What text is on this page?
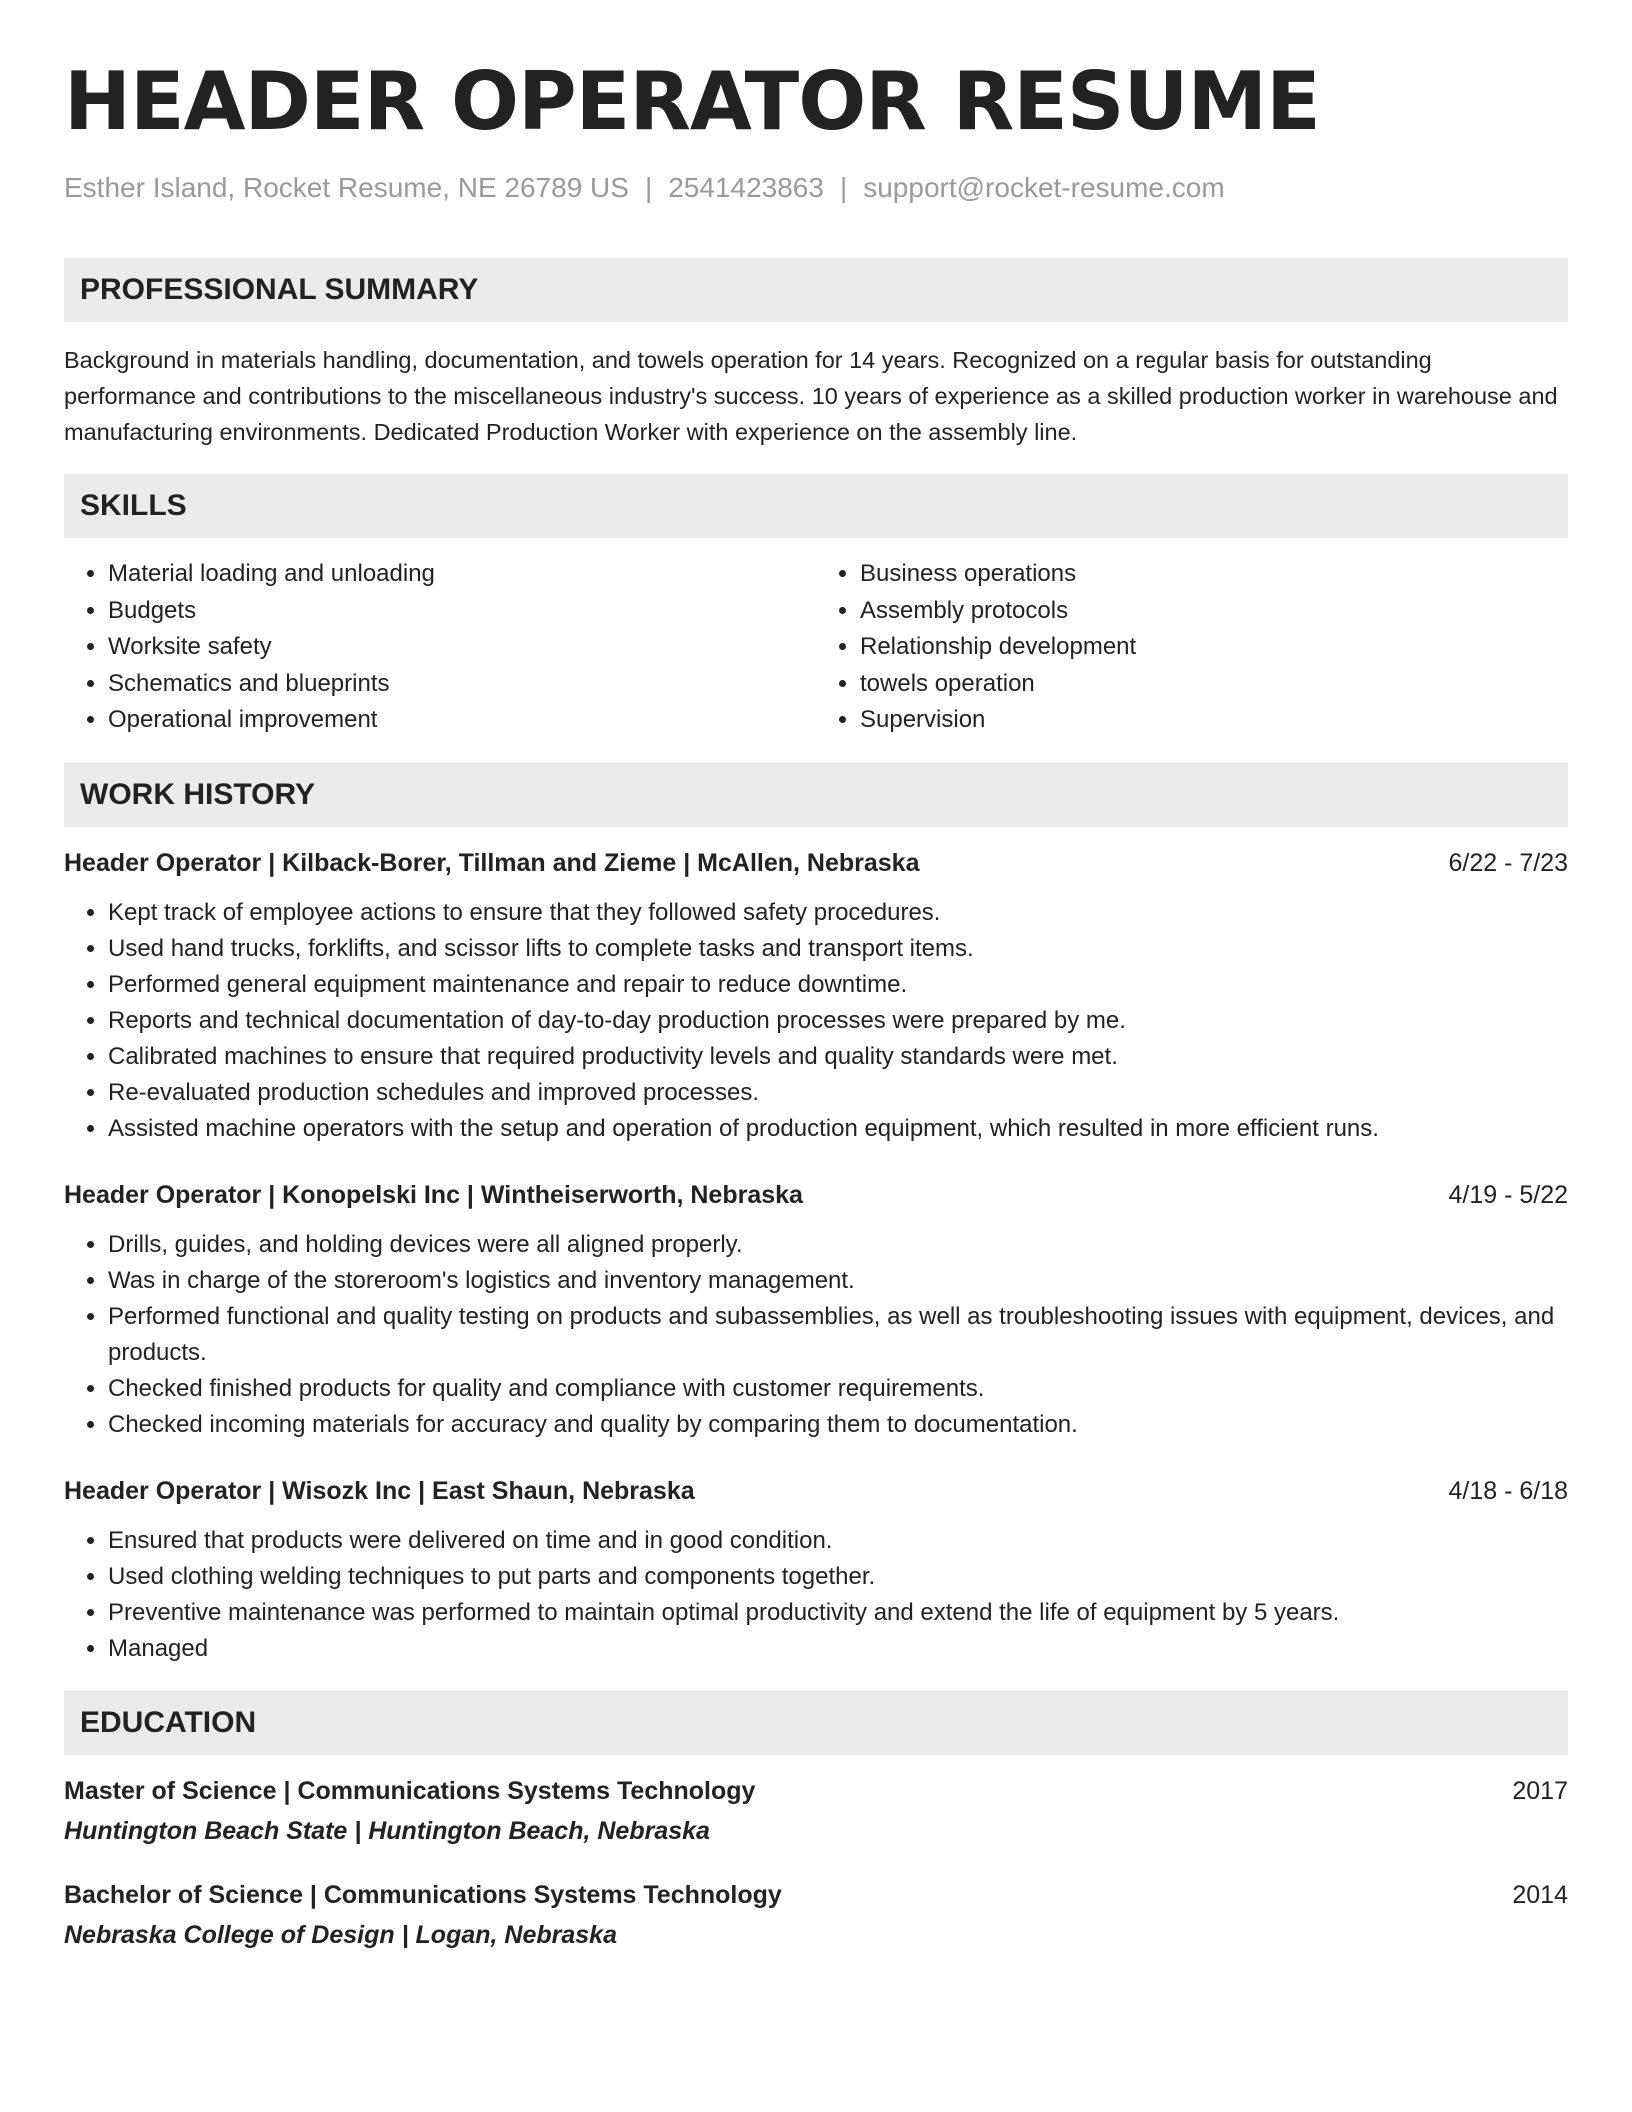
HEADER OPERATOR RESUME
Esther Island, Rocket Resume, NE 26789 US | 2541423863 | support@rocket-resume.com
PROFESSIONAL SUMMARY
Background in materials handling, documentation, and towels operation for 14 years. Recognized on a regular basis for outstanding performance and contributions to the miscellaneous industry's success. 10 years of experience as a skilled production worker in warehouse and manufacturing environments. Dedicated Production Worker with experience on the assembly line.
SKILLS
• Material loading and unloading
• Budgets
• Worksite safety
• Schematics and blueprints
• Operational improvement
• Business operations
• Assembly protocols
• Relationship development
• towels operation
• Supervision
WORK HISTORY
Header Operator | Kilback-Borer, Tillman and Zieme | McAllen, Nebraska	6/22 - 7/23
• Kept track of employee actions to ensure that they followed safety procedures.
• Used hand trucks, forklifts, and scissor lifts to complete tasks and transport items.
• Performed general equipment maintenance and repair to reduce downtime.
• Reports and technical documentation of day-to-day production processes were prepared by me.
• Calibrated machines to ensure that required productivity levels and quality standards were met.
• Re-evaluated production schedules and improved processes.
• Assisted machine operators with the setup and operation of production equipment, which resulted in more efficient runs.
Header Operator | Konopelski Inc | Wintheiserworth, Nebraska	4/19 - 5/22
• Drills, guides, and holding devices were all aligned properly.
• Was in charge of the storeroom's logistics and inventory management.
• Performed functional and quality testing on products and subassemblies, as well as troubleshooting issues with equipment, devices, and products.
• Checked finished products for quality and compliance with customer requirements.
• Checked incoming materials for accuracy and quality by comparing them to documentation.
Header Operator | Wisozk Inc | East Shaun, Nebraska	4/18 - 6/18
• Ensured that products were delivered on time and in good condition.
• Used clothing welding techniques to put parts and components together.
• Preventive maintenance was performed to maintain optimal productivity and extend the life of equipment by 5 years.
• Managed
EDUCATION
Master of Science | Communications Systems Technology	2017
Huntington Beach State | Huntington Beach, Nebraska
Bachelor of Science | Communications Systems Technology	2014
Nebraska College of Design | Logan, Nebraska
